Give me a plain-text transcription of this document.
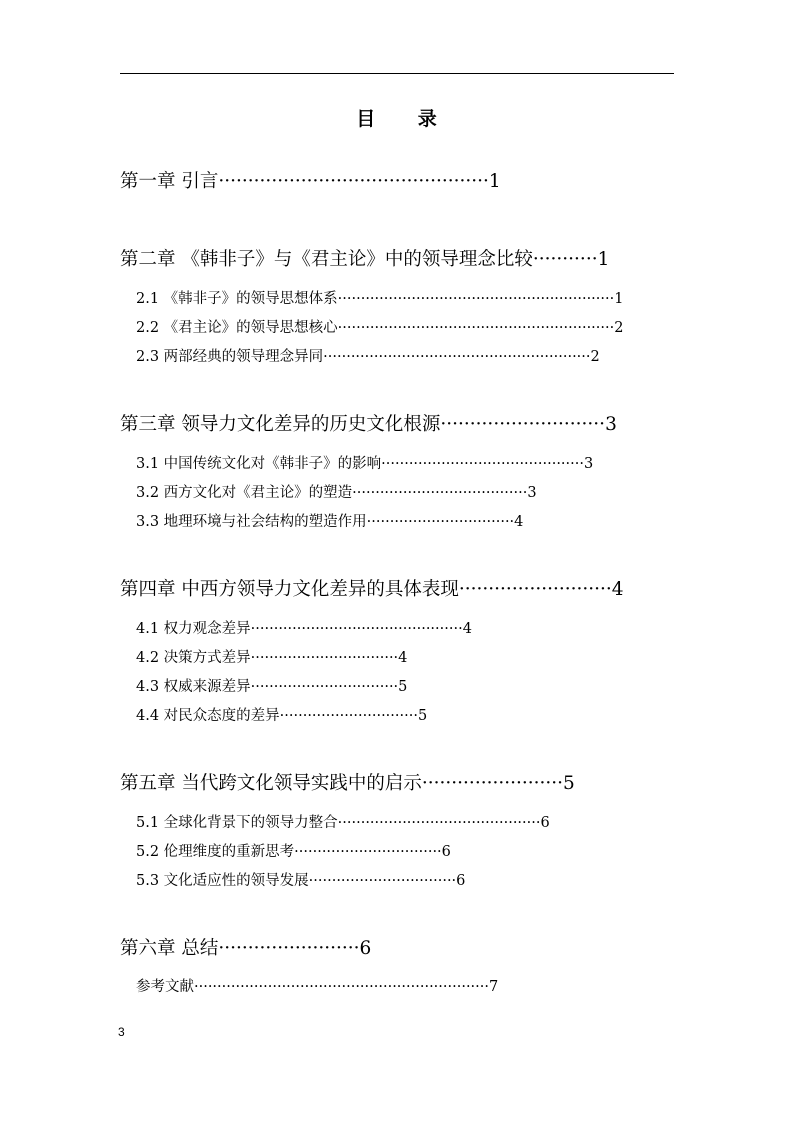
目 录
第一章 引言··············································1
第二章 《韩非子》与《君主论》中的领导理念比较···········1
2.1 《韩非子》的领导思想体系····························································1
2.2 《君主论》的领导思想核心····························································2
2.3 两部经典的领导理念异同··························································2
第三章 领导力文化差异的历史文化根源····························3
3.1 中国传统文化对《韩非子》的影响············································3
3.2 西方文化对《君主论》的塑造······································3
3.3 地理环境与社会结构的塑造作用································4
第四章 中西方领导力文化差异的具体表现··························4
4.1 权力观念差异··············································4
4.2 决策方式差异································4
4.3 权威来源差异································5
4.4 对民众态度的差异······························5
第五章 当代跨文化领导实践中的启示························5
5.1 全球化背景下的领导力整合············································6
5.2 伦理维度的重新思考································6
5.3 文化适应性的领导发展································6
第六章 总结························6
参考文献································································7
3
